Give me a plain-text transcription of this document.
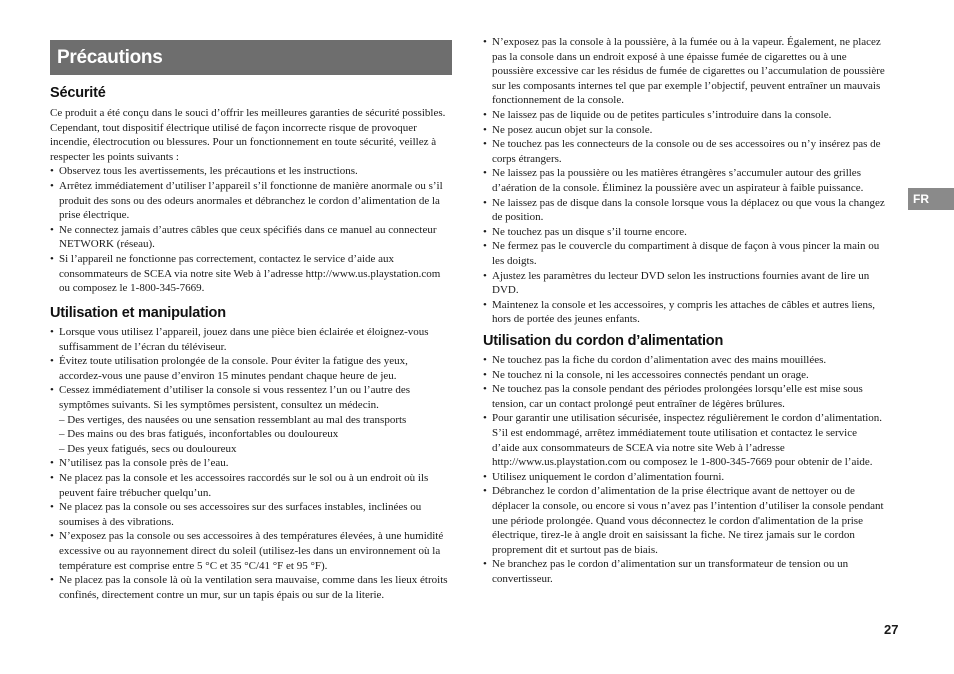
Précautions
Sécurité

Ce produit a été conçu dans le souci d’offrir les meilleures garanties de sécurité possibles. Cependant, tout dispositif électrique utilisé de façon incorrecte risque de provoquer incendie, électrocution ou blessures. Pour un fonctionnement en toute sécurité, veillez à respecter les points suivants :

• Observez tous les avertissements, les précautions et les instructions.
• Arrêtez immédiatement d’utiliser l’appareil s’il fonctionne de manière anormale ou s’il produit des sons ou des odeurs anormales et débranchez le cordon d’alimentation de la prise électrique.
• Ne connectez jamais d’autres câbles que ceux spécifiés dans ce manuel au connecteur NETWORK (réseau).
• Si l’appareil ne fonctionne pas correctement, contactez le service d’aide aux consommateurs de SCEA via notre site Web à l’adresse http://www.us.playstation.com ou composez le 1-800-345-7669.
Utilisation et manipulation
• Lorsque vous utilisez l’appareil, jouez dans une pièce bien éclairée et éloignez-vous suffisamment de l’écran du téléviseur.
• Évitez toute utilisation prolongée de la console. Pour éviter la fatigue des yeux, accordez-vous une pause d’environ 15 minutes pendant chaque heure de jeu.
• Cessez immédiatement d’utiliser la console si vous ressentez l’un ou l’autre des symptômes suivants. Si les symptômes persistent, consultez un médecin.
– Des vertiges, des nausées ou une sensation ressemblant au mal des transports
– Des mains ou des bras fatigués, inconfortables ou douloureux
– Des yeux fatigués, secs ou douloureux
• N’utilisez pas la console près de l’eau.
• Ne placez pas la console et les accessoires raccordés sur le sol ou à un endroit où ils peuvent faire trébucher quelqu’un.
• Ne placez pas la console ou ses accessoires sur des surfaces instables, inclinées ou soumises à des vibrations.
• N’exposez pas la console ou ses accessoires à des températures élevées, à une humidité excessive ou au rayonnement direct du soleil (utilisez-les dans un environnement où la température est comprise entre 5 °C et 35 °C/41 °F et 95 °F).
• Ne placez pas la console là où la ventilation sera mauvaise, comme dans les lieux étroits confinés, directement contre un mur, sur un tapis épais ou sur de la literie.
• N’exposez pas la console à la poussière, à la fumée ou à la vapeur. Également, ne placez pas la console dans un endroit exposé à une épaisse fumée de cigarettes ou à une poussière excessive car les résidus de fumée de cigarettes ou l’accumulation de poussière sur les composants internes tel que par exemple l’objectif, peuvent entraîner un mauvais fonctionnement de la console.
• Ne laissez pas de liquide ou de petites particules s’introduire dans la console.
• Ne posez aucun objet sur la console.
• Ne touchez pas les connecteurs de la console ou de ses accessoires ou n’y insérez pas de corps étrangers.
• Ne laissez pas la poussière ou les matières étrangères s’accumuler autour des grilles d’aération de la console. Éliminez la poussière avec un aspirateur à faible puissance.
• Ne laissez pas de disque dans la console lorsque vous la déplacez ou que vous la changez de position.
• Ne touchez pas un disque s’il tourne encore.
• Ne fermez pas le couvercle du compartiment à disque de façon à vous pincer la main ou les doigts.
• Ajustez les paramètres du lecteur DVD selon les instructions fournies avant de lire un DVD.
• Maintenez la console et les accessoires, y compris les attaches de câbles et autres liens, hors de portée des jeunes enfants.
Utilisation du cordon d’alimentation
• Ne touchez pas la fiche du cordon d’alimentation avec des mains mouillées.
• Ne touchez ni la console, ni les accessoires connectés pendant un orage.
• Ne touchez pas la console pendant des périodes prolongées lorsqu’elle est mise sous tension, car un contact prolongé peut entraîner de légères brûlures.
• Pour garantir une utilisation sécurisée, inspectez régulièrement le cordon d’alimentation. S’il est endommagé, arrêtez immédiatement toute utilisation et contactez le service d’aide aux consommateurs de SCEA via notre site Web à l’adresse http://www.us.playstation.com ou composez le 1-800-345-7669 pour obtenir de l’aide.
• Utilisez uniquement le cordon d’alimentation fourni.
• Débranchez le cordon d’alimentation de la prise électrique avant de nettoyer ou de déplacer la console, ou encore si vous n’avez pas l’intention d’utiliser la console pendant une période prolongée. Quand vous déconnectez le cordon d'alimentation de la prise électrique, tirez-le à angle droit en saisissant la fiche. Ne tirez jamais sur le cordon proprement dit et surtout pas de biais.
• Ne branchez pas le cordon d’alimentation sur un transformateur de tension ou un convertisseur.
FR
27
